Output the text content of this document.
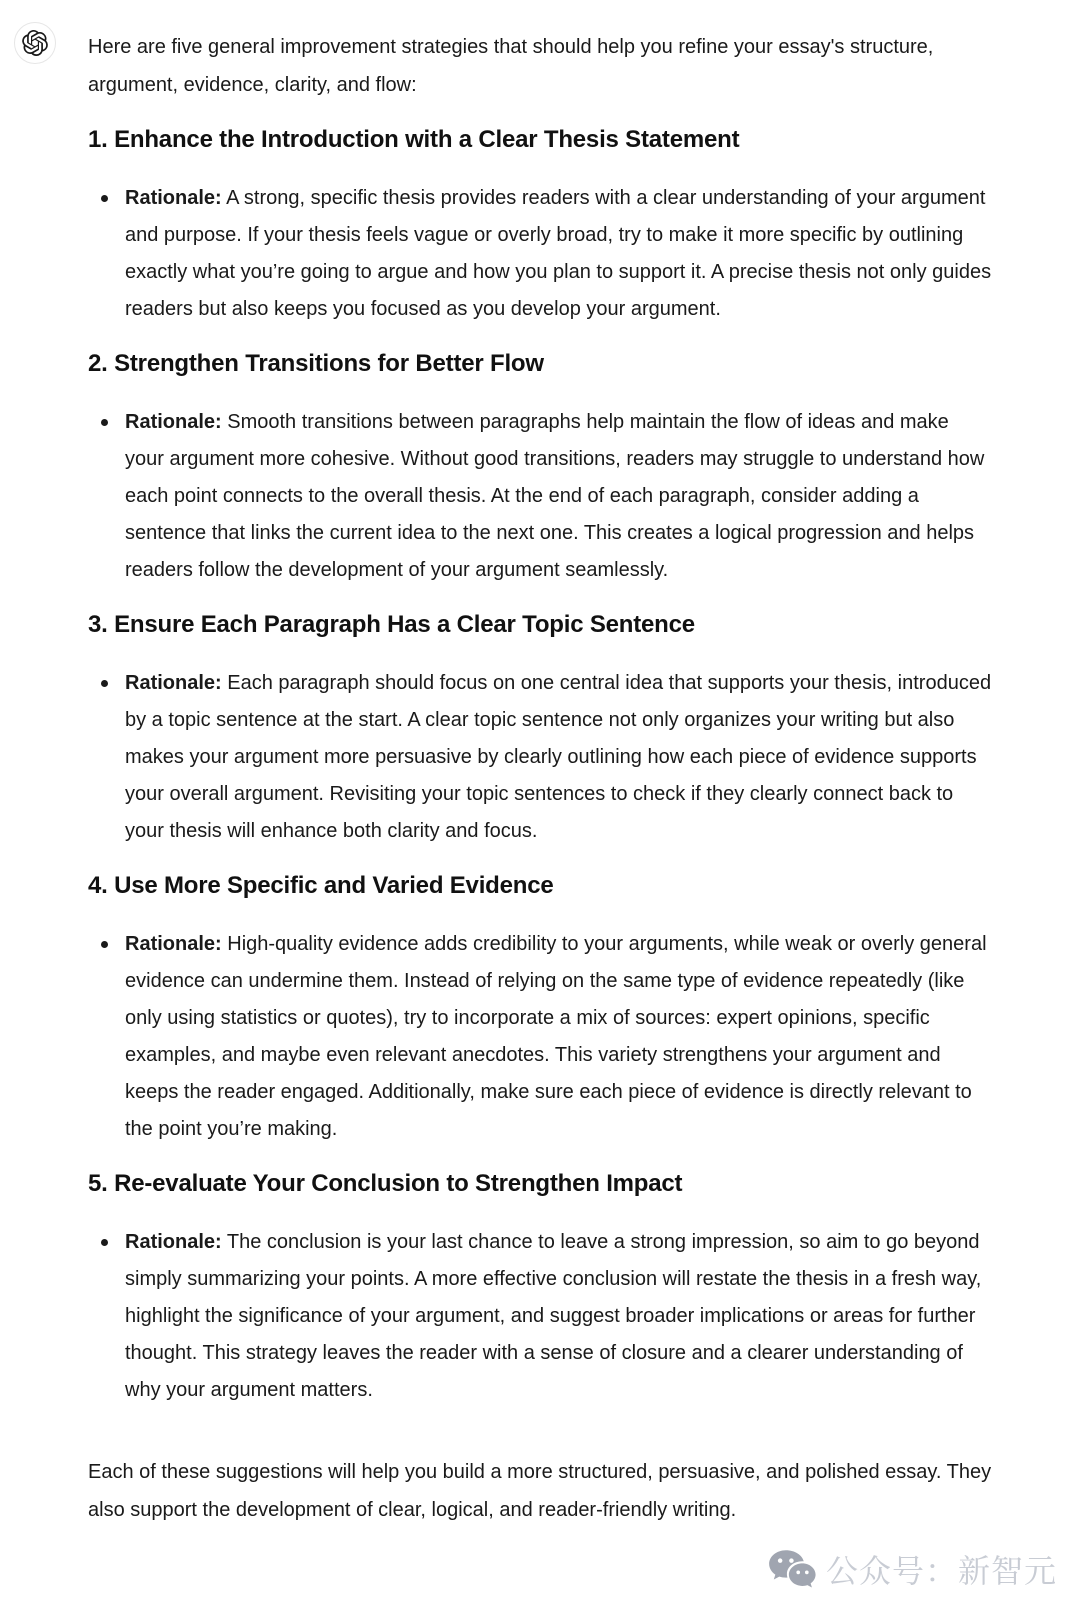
公众号：新智元

Here are five general improvement strategies that should help you refine your essay's structure, argument, evidence, clarity, and flow:

1. Enhance the Introduction with a Clear Thesis Statement
Rationale: A strong, specific thesis provides readers with a clear understanding of your argument and purpose. If your thesis feels vague or overly broad, try to make it more specific by outlining exactly what you’re going to argue and how you plan to support it. A precise thesis not only guides readers but also keeps you focused as you develop your argument.
2. Strengthen Transitions for Better Flow
Rationale: Smooth transitions between paragraphs help maintain the flow of ideas and make your argument more cohesive. Without good transitions, readers may struggle to understand how each point connects to the overall thesis. At the end of each paragraph, consider adding a sentence that links the current idea to the next one. This creates a logical progression and helps readers follow the development of your argument seamlessly.
3. Ensure Each Paragraph Has a Clear Topic Sentence
Rationale: Each paragraph should focus on one central idea that supports your thesis, introduced by a topic sentence at the start. A clear topic sentence not only organizes your writing but also makes your argument more persuasive by clearly outlining how each piece of evidence supports your overall argument. Revisiting your topic sentences to check if they clearly connect back to your thesis will enhance both clarity and focus.
4. Use More Specific and Varied Evidence
Rationale: High-quality evidence adds credibility to your arguments, while weak or overly general evidence can undermine them. Instead of relying on the same type of evidence repeatedly (like only using statistics or quotes), try to incorporate a mix of sources: expert opinions, specific examples, and maybe even relevant anecdotes. This variety strengthens your argument and keeps the reader engaged. Additionally, make sure each piece of evidence is directly relevant to the point you’re making.
5. Re-evaluate Your Conclusion to Strengthen Impact
Rationale: The conclusion is your last chance to leave a strong impression, so aim to go beyond simply summarizing your points. A more effective conclusion will restate the thesis in a fresh way, highlight the significance of your argument, and suggest broader implications or areas for further thought. This strategy leaves the reader with a sense of closure and a clearer understanding of why your argument matters.

Each of these suggestions will help you build a more structured, persuasive, and polished essay. They also support the development of clear, logical, and reader-friendly writing.
